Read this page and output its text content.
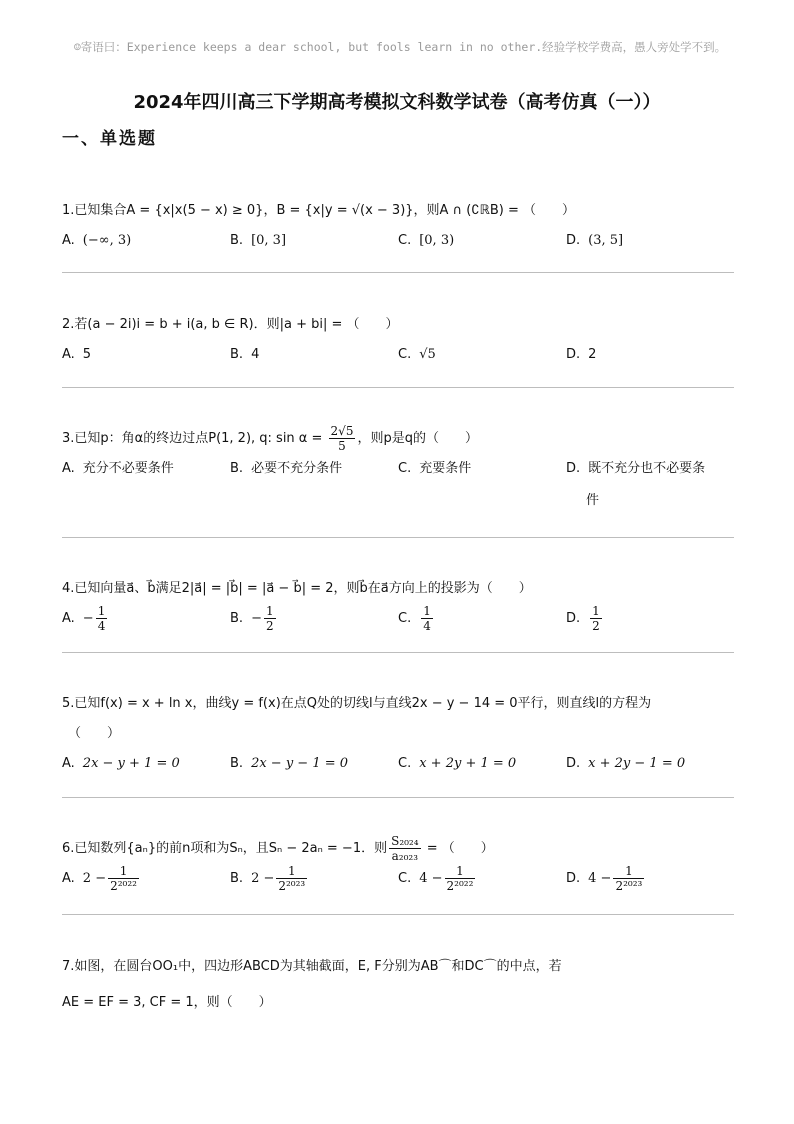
☺寄语曰：Experience keeps a dear school, but fools learn in no other.经验学校学费高，愚人旁处学不到。
2024年四川高三下学期高考模拟文科数学试卷（高考仿真（一））
一、单选题
1.已知集合A = {x|x(5 − x) ≥ 0}，B = {x|y = √(x − 3)}，则A ∩ (∁ℝB) = （　　）
A. (−∞, 3)	B. [0, 3]	C. [0, 3)	D. (3, 5]
2.若(a − 2i)i = b + i(a, b ∈ R)．则|a + bi| = （　　）
A. 5	B. 4	C. √5	D. 2
3.已知p：角α的终边过点P(1, 2), q: $\sin \alpha = \frac{2√5}{5}$ ，则p是q的（　　）
A. 充分不必要条件	B. 必要不充分条件	C. 充要条件	D. 既不充分也不必要条
件
4.已知向量a⃗、b⃗满足2|a⃗| = |b⃗| = |a⃗ − b⃗| = 2，则b⃗在a⃗方向上的投影为（　　）
A. − $\frac{1}{4}$	B. − $\frac{1}{2}$	C. $\frac{1}{4}$	D. $\frac{1}{2}$
5.已知f(x) = x + ln x，曲线y = f(x)在点Q处的切线l与直线2x − y − 14 = 0平行，则直线l的方程为
（　　）
A. 2x − y + 1 = 0	B. 2x − y − 1 = 0	C. x + 2y + 1 = 0	D. x + 2y − 1 = 0
6.已知数列{aₙ}的前n项和为Sₙ，且Sₙ − 2aₙ = −1．则 $\frac{\text{S₂₀₂₄}}{\text{a₂₀₂₃}}$ = （　　）
A. $2 - \frac{1}{\text{2²⁰²²}}$	B. $2 - \frac{1}{\text{2²⁰²³}}$	C. $4 - \frac{1}{\text{2²⁰²²}}$	D. $4 - \frac{1}{\text{2²⁰²³}}$
7.如图，在圆台OO₁中，四边形ABCD为其轴截面，E, F分别为AB⌒和DC⌒的中点，若
AE = EF = 3, CF = 1，则（　　）
